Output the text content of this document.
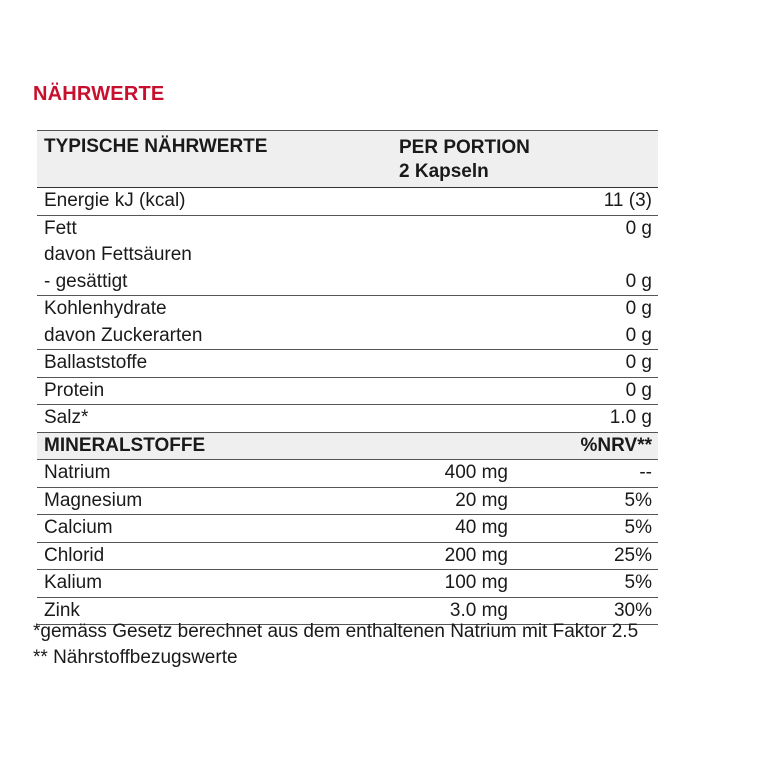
NÄHRWERTE
TYPISCHE NÄHRWERTE	PER PORTION
2 Kapseln
Energie kJ (kcal)	11 (3)
Fett	0 g
davon Fettsäuren
- gesättigt	0 g
Kohlenhydrate	0 g
davon Zuckerarten	0 g
Ballaststoffe	0 g
Protein	0 g
Salz*	1.0 g
MINERALSTOFFE	%NRV**
Natrium	400 mg	--
Magnesium	20 mg	5%
Calcium	40 mg	5%
Chlorid	200 mg	25%
Kalium	100 mg	5%
Zink	3.0 mg	30%
*gemäss Gesetz berechnet aus dem enthaltenen Natrium mit Faktor 2.5
** Nährstoffbezugswerte
